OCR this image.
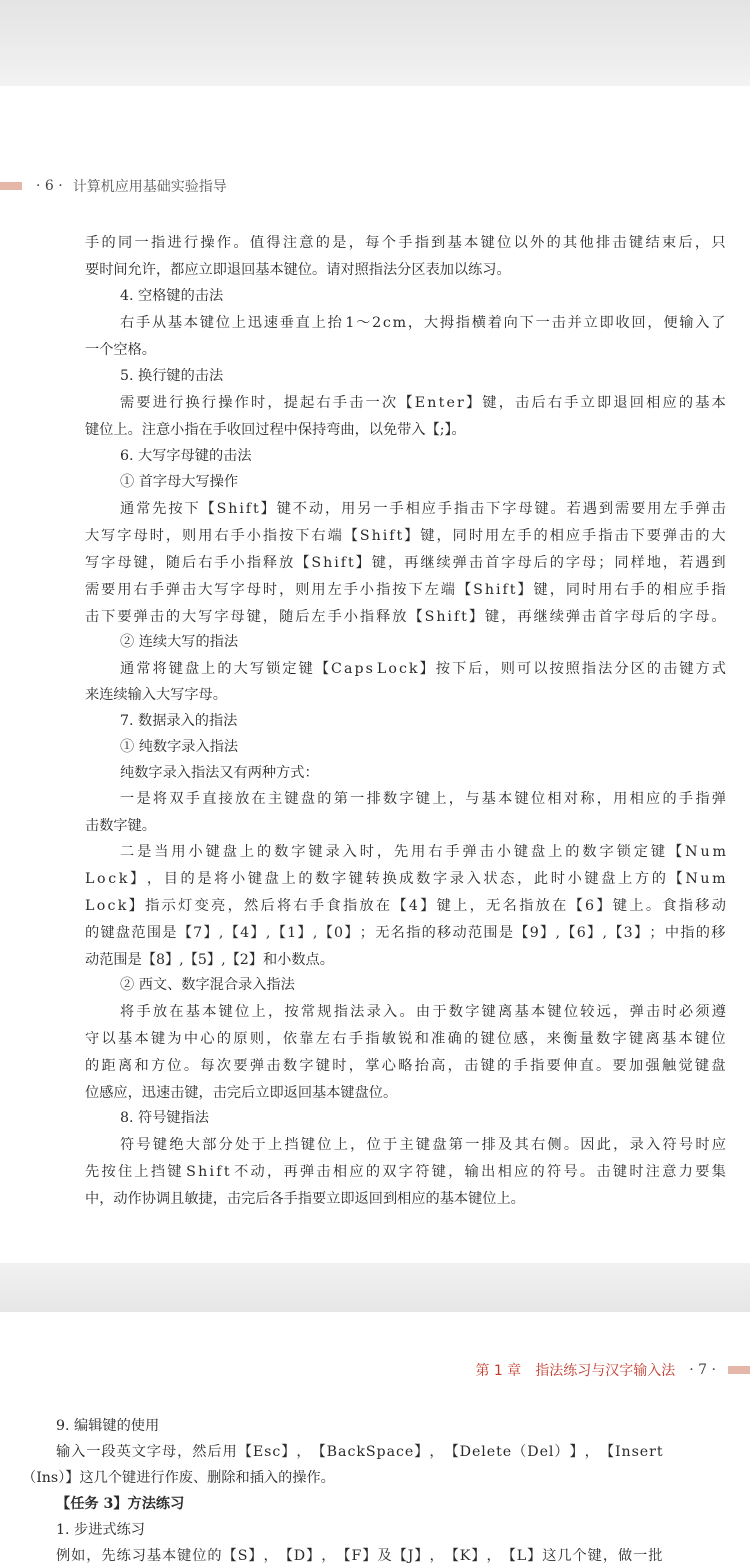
· 6 · 计算机应用基础实验指导
手 的 同 一 指 进 行 操 作 。 值 得 注 意 的 是 ， 每 个 手 指 到 基 本 键 位 以 外 的 其 他 排 击 键 结 束 后 ， 只
要时间允许，都应立即退回基本键位。请对照指法分区表加以练习。
4. 空格键的击法
右 手 从 基 本 键 位 上 迅 速 垂 直 上 抬 1 ～ 2 c m ， 大 拇 指 横 着 向 下 一 击 并 立 即 收 回 ， 便 输 入 了
一个空格。
5. 换行键的击法
需 要 进 行 换 行 操 作 时 ， 提 起 右 手 击 一 次 【 E n t e r 】 键 ， 击 后 右 手 立 即 退 回 相 应 的 基 本
键位上。注意小指在手收回过程中保持弯曲，以免带入【;】。
6. 大写字母键的击法
① 首字母大写操作
通 常 先 按 下 【 S h i f t 】 键 不 动 ， 用 另 一 手 相 应 手 指 击 下 字 母 键 。 若 遇 到 需 要 用 左 手 弹 击
大 写 字 母 时 ， 则 用 右 手 小 指 按 下 右 端 【 S h i f t 】 键 ， 同 时 用 左 手 的 相 应 手 指 击 下 要 弹 击 的 大
写 字 母 键 ， 随 后 右 手 小 指 释 放 【 S h i f t 】 键 ， 再 继 续 弹 击 首 字 母 后 的 字 母 ； 同 样 地 ， 若 遇 到
需 要 用 右 手 弹 击 大 写 字 母 时 ， 则 用 左 手 小 指 按 下 左 端 【 S h i f t 】 键 ， 同 时 用 右 手 的 相 应 手 指
击 下 要 弹 击 的 大 写 字 母 键 ， 随 后 左 手 小 指 释 放 【 S h i f t 】 键 ， 再 继 续 弹 击 首 字 母 后 的 字 母 。
② 连续大写的指法
通 常 将 键 盘 上 的 大 写 锁 定 键 【 C a p s L o c k 】 按 下 后 ， 则 可 以 按 照 指 法 分 区 的 击 键 方 式
来连续输入大写字母。
7. 数据录入的指法
① 纯数字录入指法
纯数字录入指法又有两种方式：
一 是 将 双 手 直 接 放 在 主 键 盘 的 第 一 排 数 字 键 上 ， 与 基 本 键 位 相 对 称 ， 用 相 应 的 手 指 弹
击数字键。
二 是 当 用 小 键 盘 上 的 数 字 键 录 入 时 ， 先 用 右 手 弹 击 小 键 盘 上 的 数 字 锁 定 键 【 N u m
L o c k 】 ， 目 的 是 将 小 键 盘 上 的 数 字 键 转 换 成 数 字 录 入 状 态 ， 此 时 小 键 盘 上 方 的 【 N u m
L o c k 】 指 示 灯 变 亮 ， 然 后 将 右 手 食 指 放 在 【 4 】 键 上 ， 无 名 指 放 在 【 6 】 键 上 。 食 指 移 动
的 键 盘 范 围 是 【 7 】 , 【 4 】 , 【 1 】 , 【 0 】 ； 无 名 指 的 移 动 范 围 是 【 9 】 , 【 6 】 , 【 3 】 ； 中 指 的 移
动范围是【8】,【5】,【2】和小数点。
② 西文、数字混合录入指法
将 手 放 在 基 本 键 位 上 ， 按 常 规 指 法 录 入 。 由 于 数 字 键 离 基 本 键 位 较 远 ， 弹 击 时 必 须 遵
守 以 基 本 键 为 中 心 的 原 则 ， 依 靠 左 右 手 指 敏 锐 和 准 确 的 键 位 感 ， 来 衡 量 数 字 键 离 基 本 键 位
的 距 离 和 方 位 。 每 次 要 弹 击 数 字 键 时 ， 掌 心 略 抬 高 ， 击 键 的 手 指 要 伸 直 。 要 加 强 触 觉 键 盘
位感应，迅速击键，击完后立即返回基本键盘位。
8. 符号键指法
符 号 键 绝 大 部 分 处 于 上 挡 键 位 上 ， 位 于 主 键 盘 第 一 排 及 其 右 侧 。 因 此 ， 录 入 符 号 时 应
先 按 住 上 挡 键 S h i f t 不 动 ， 再 弹 击 相 应 的 双 字 符 键 ， 输 出 相 应 的 符 号 。 击 键 时 注 意 力 要 集
中，动作协调且敏捷，击完后各手指要立即返回到相应的基本键位上。
第 1 章　指法练习与汉字输入法 · 7 ·
9. 编辑键的使用
输 入 一 段 英 文 字 母 ， 然 后 用 【 E s c 】 ， 【 B a c k S p a c e 】 ， 【 D e l e t e （ D e l ） 】 ， 【 I n s e r t
（Ins）】这几个键进行作废、删除和插入的操作。
【任务 3】方法练习
1. 步进式练习
例 如 ， 先 练 习 基 本 键 位 的 【 S 】 ， 【 D 】 ， 【 F 】 及 【 J 】 ， 【 K 】 ， 【 L 】 这 几 个 键 ， 做 一 批
